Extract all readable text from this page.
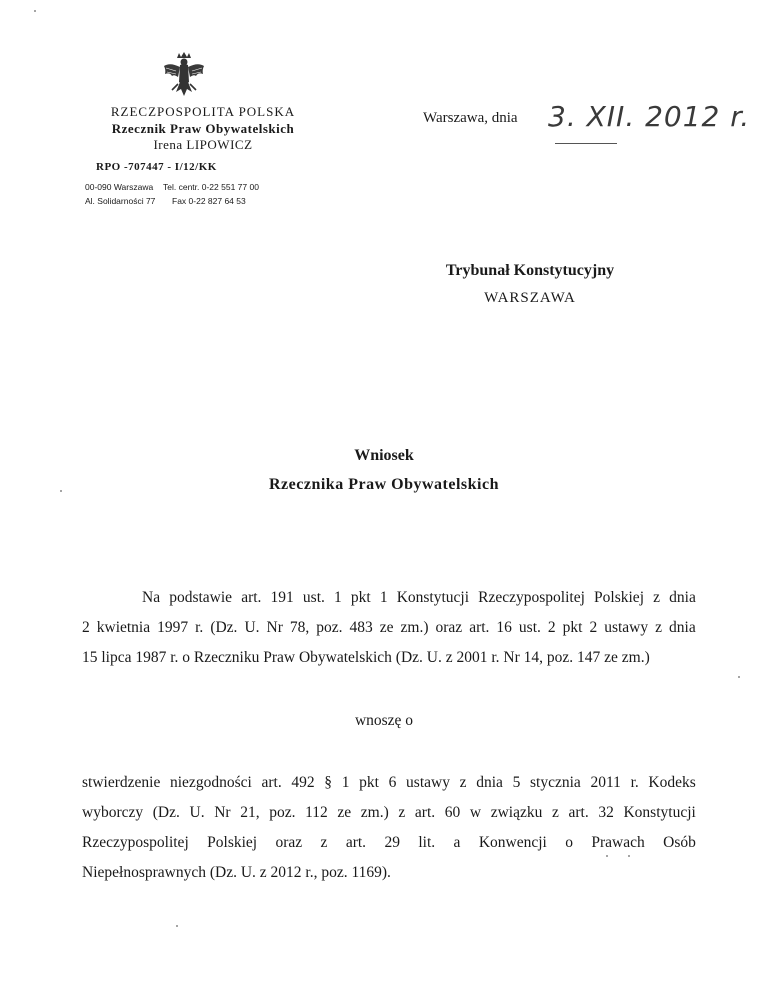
RZECZPOSPOLITA POLSKA
Rzecznik Praw Obywatelskich
Irena LIPOWICZ
RPO -707447 - I/12/KK
00-090 Warszawa
Al. Solidarności 77
Tel. centr. 0-22 551 77 00
Fax 0-22 827 64 53
Warszawa, dnia 3. XII. 2012 r.
Trybunał Konstytucyjny
WARSZAWA
Wniosek
Rzecznika Praw Obywatelskich
Na podstawie art. 191 ust. 1 pkt 1 Konstytucji Rzeczypospolitej Polskiej z dnia
2 kwietnia 1997 r. (Dz. U. Nr 78, poz. 483 ze zm.) oraz art. 16 ust. 2 pkt 2 ustawy z dnia
15 lipca 1987 r. o Rzeczniku Praw Obywatelskich (Dz. U. z 2001 r. Nr 14, poz. 147 ze zm.)
wnoszę o
stwierdzenie niezgodności art. 492 § 1 pkt 6 ustawy z dnia 5 stycznia 2011 r. Kodeks
wyborczy (Dz. U. Nr 21, poz. 112 ze zm.) z art. 60 w związku z art. 32 Konstytucji
Rzeczypospolitej Polskiej oraz z art. 29 lit. a Konwencji o Prawach Osób
Niepełnosprawnych (Dz. U. z 2012 r., poz. 1169).
